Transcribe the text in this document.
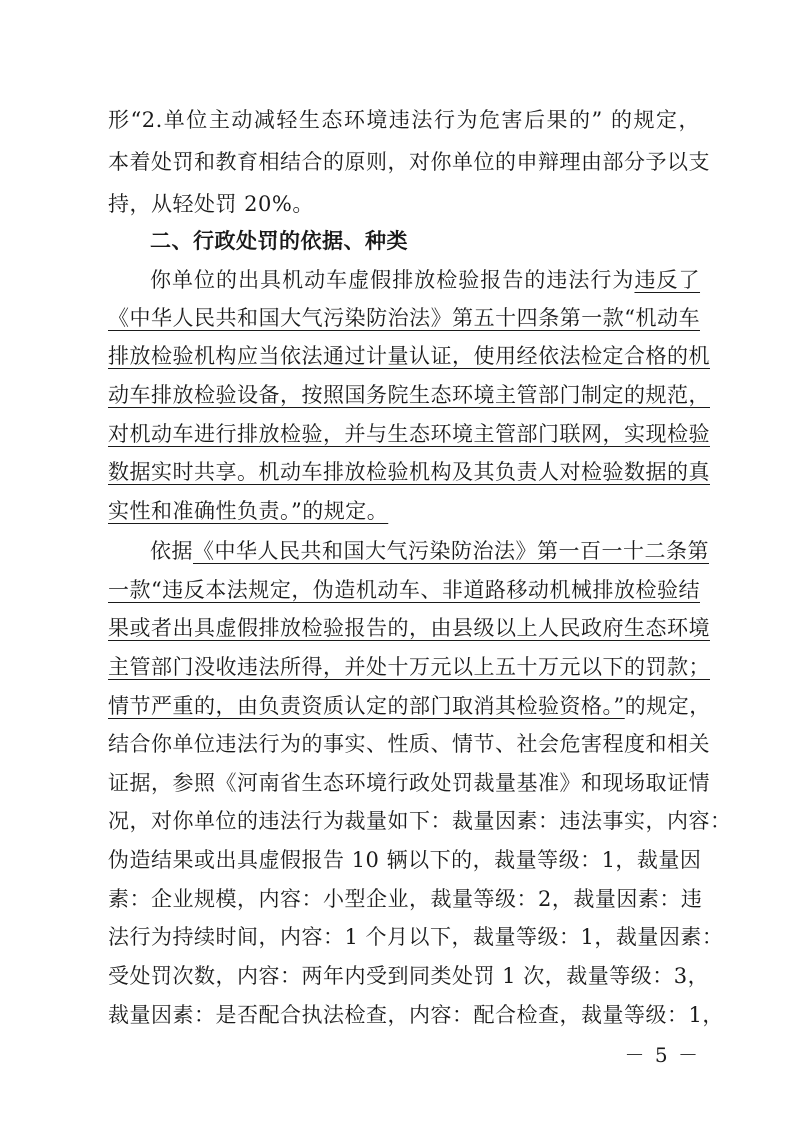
形“2.单位主动减轻生态环境违法行为危害后果的” 的规定，
本着处罚和教育相结合的原则，对你单位的申辩理由部分予以支
持，从轻处罚 20%。
二、行政处罚的依据、种类
你单位的出具机动车虚假排放检验报告的违法行为违反了
《中华人民共和国大气污染防治法》第五十四条第一款“机动车
排放检验机构应当依法通过计量认证，使用经依法检定合格的机
动车排放检验设备，按照国务院生态环境主管部门制定的规范，
对机动车进行排放检验，并与生态环境主管部门联网，实现检验
数据实时共享。机动车排放检验机构及其负责人对检验数据的真
实性和准确性负责。”的规定。
依据《中华人民共和国大气污染防治法》第一百一十二条第
一款“违反本法规定，伪造机动车、非道路移动机械排放检验结
果或者出具虚假排放检验报告的，由县级以上人民政府生态环境
主管部门没收违法所得，并处十万元以上五十万元以下的罚款；
情节严重的，由负责资质认定的部门取消其检验资格。”的规定，
结合你单位违法行为的事实、性质、情节、社会危害程度和相关
证据，参照《河南省生态环境行政处罚裁量基准》和现场取证情
况，对你单位的违法行为裁量如下：裁量因素：违法事实，内容：
伪造结果或出具虚假报告 10 辆以下的，裁量等级：1，裁量因
素：企业规模，内容：小型企业，裁量等级：2，裁量因素：违
法行为持续时间，内容：1 个月以下，裁量等级：1，裁量因素：
受处罚次数，内容：两年内受到同类处罚 1 次，裁量等级：3，
裁量因素：是否配合执法检查，内容：配合检查，裁量等级：1，
－ 5 －
